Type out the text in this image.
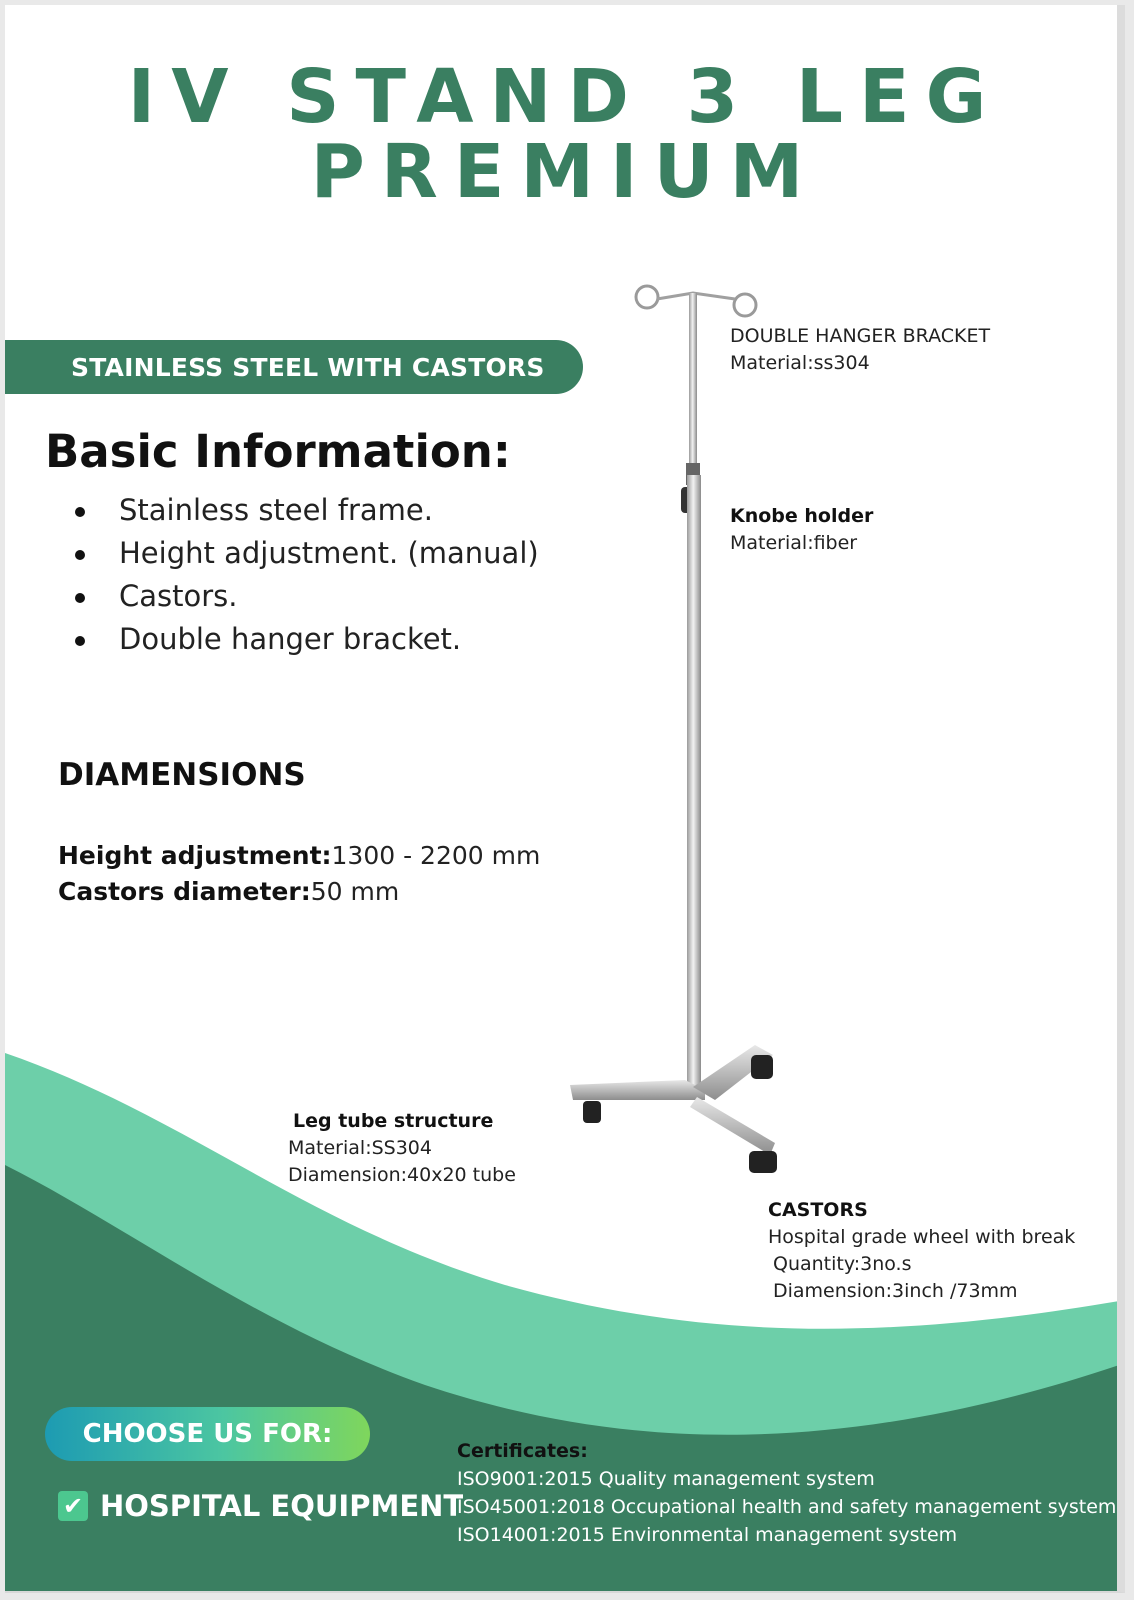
IV STAND 3 LEG
PREMIUM
STAINLESS STEEL WITH CASTORS
Basic Information:
Stainless steel frame.
Height adjustment. (manual)
Castors.
Double hanger bracket.
DIAMENSIONS
Height adjustment:1300 - 2200 mm
Castors diameter:50 mm
DOUBLE HANGER BRACKET
Material:ss304
Knobe holder
Material:fiber
Leg tube structure
Material:SS304
Diamension:40x20 tube
CASTORS
Hospital grade wheel with break
Quantity:3no.s
Diamension:3inch /73mm
CHOOSE US FOR:
✔ HOSPITAL EQUIPMENT
Certificates:
ISO9001:2015 Quality management system
ISO45001:2018 Occupational health and safety management system
ISO14001:2015 Environmental management system
